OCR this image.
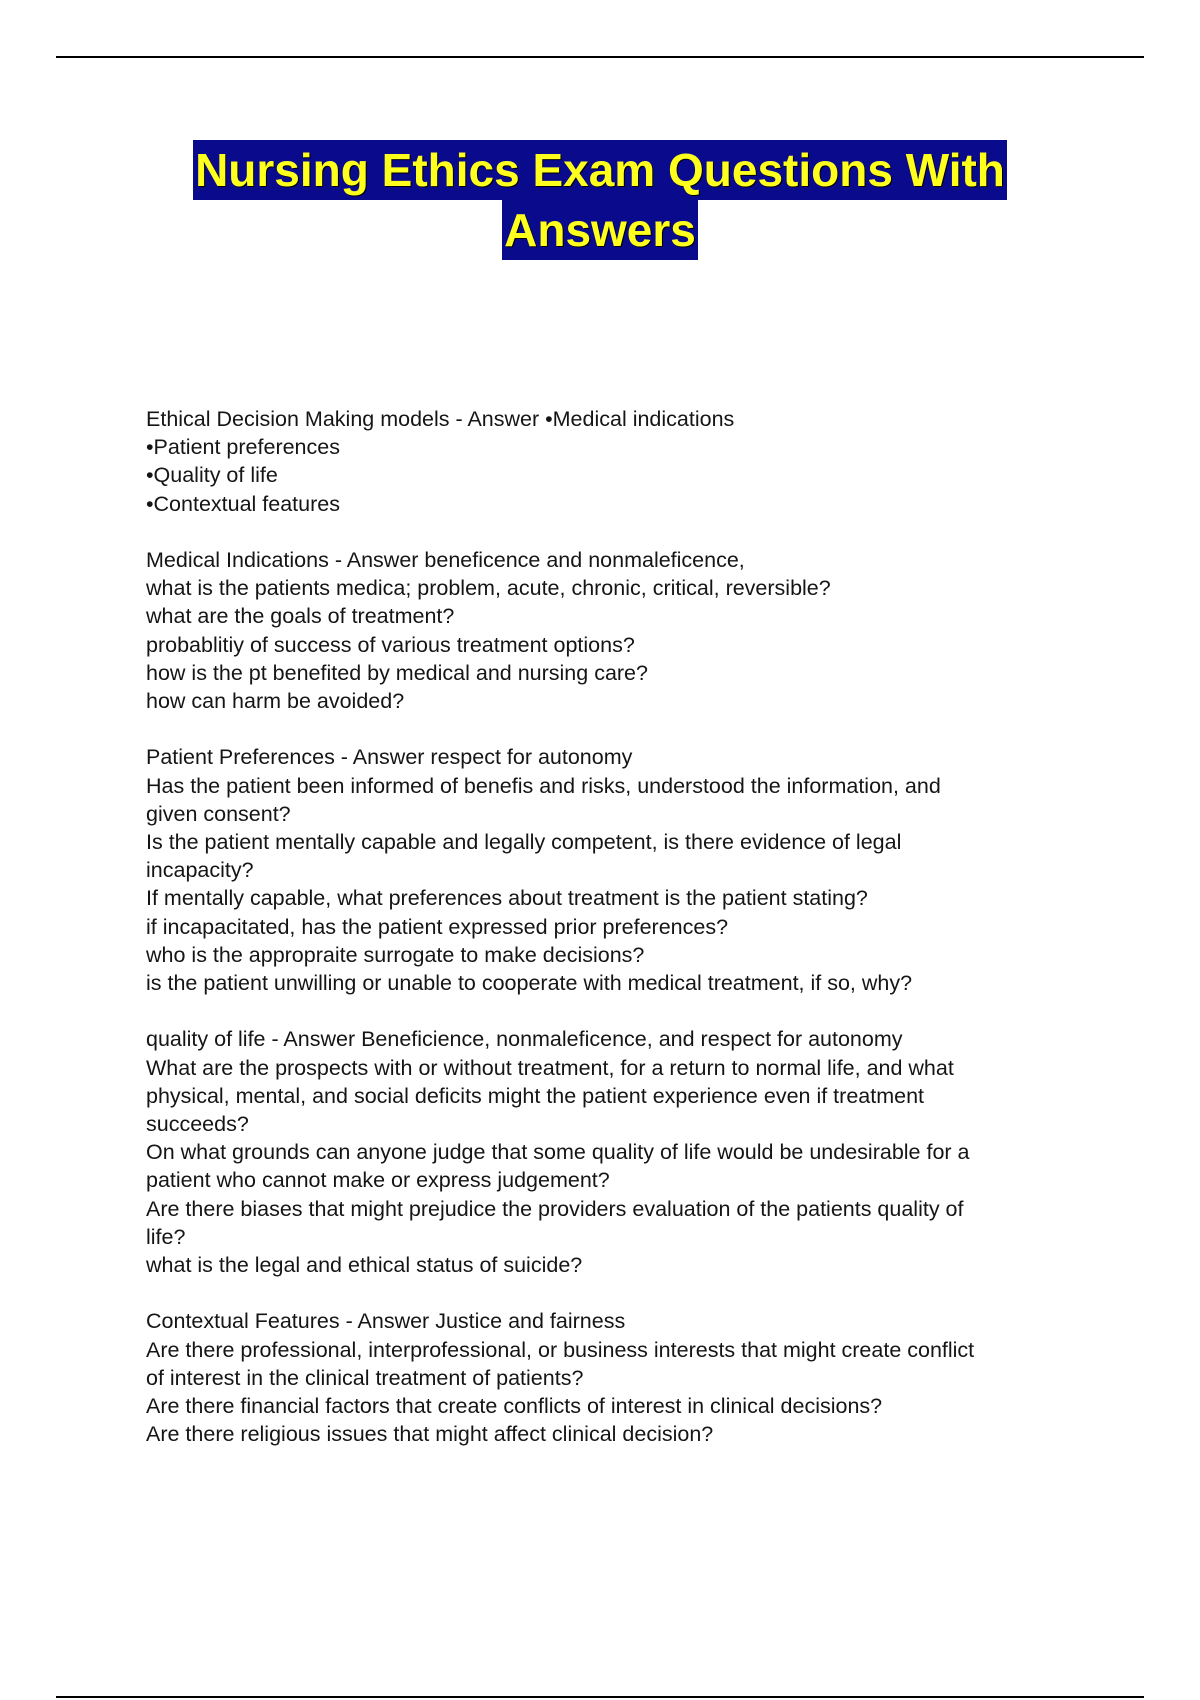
Nursing Ethics Exam Questions With
Answers
Ethical Decision Making models - Answer •Medical indications
•Patient preferences
•Quality of life
•Contextual features
Medical Indications - Answer beneficence and nonmaleficence,
what is the patients medica; problem, acute, chronic, critical, reversible?
what are the goals of treatment?
probablitiy of success of various treatment options?
how is the pt benefited by medical and nursing care?
how can harm be avoided?
Patient Preferences - Answer respect for autonomy
Has the patient been informed of benefis and risks, understood the information, and
given consent?
Is the patient mentally capable and legally competent, is there evidence of legal
incapacity?
If mentally capable, what preferences about treatment is the patient stating?
if incapacitated, has the patient expressed prior preferences?
who is the appropraite surrogate to make decisions?
is the patient unwilling or unable to cooperate with medical treatment, if so, why?
quality of life - Answer Beneficience, nonmaleficence, and respect for autonomy
What are the prospects with or without treatment, for a return to normal life, and what
physical, mental, and social deficits might the patient experience even if treatment
succeeds?
On what grounds can anyone judge that some quality of life would be undesirable for a
patient who cannot make or express judgement?
Are there biases that might prejudice the providers evaluation of the patients quality of
life?
what is the legal and ethical status of suicide?
Contextual Features - Answer Justice and fairness
Are there professional, interprofessional, or business interests that might create conflict
of interest in the clinical treatment of patients?
Are there financial factors that create conflicts of interest in clinical decisions?
Are there religious issues that might affect clinical decision?
